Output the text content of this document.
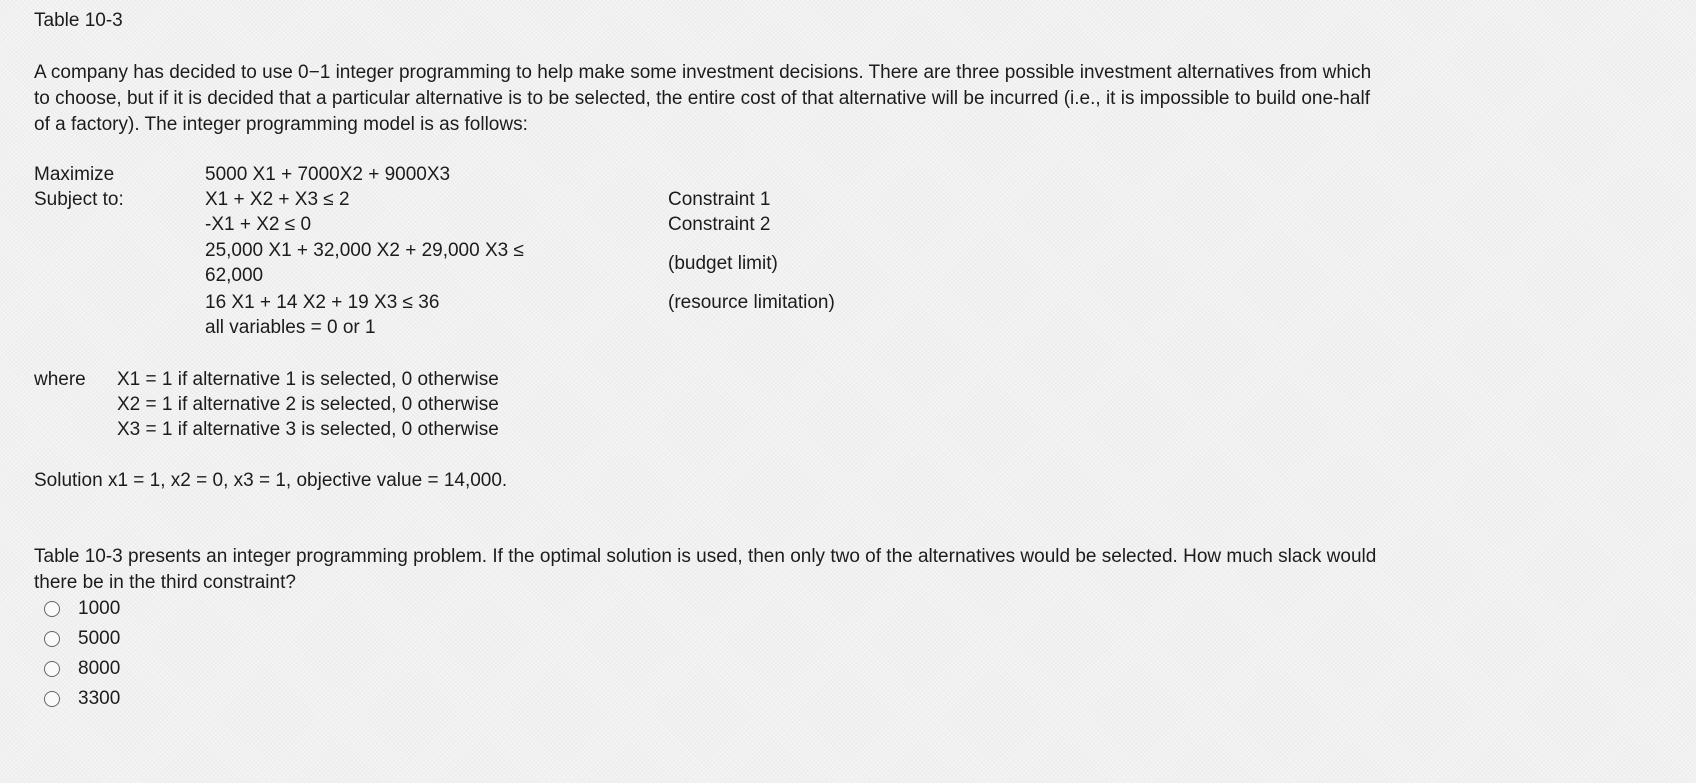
Table 10-3
A company has decided to use 0−1 integer programming to help make some investment decisions. There are three possible investment alternatives from which
to choose, but if it is decided that a particular alternative is to be selected, the entire cost of that alternative will be incurred (i.e., it is impossible to build one-half
of a factory). The integer programming model is as follows:
Maximize	5000 X1 + 7000X2 + 9000X3
Subject to:	X1 + X2 + X3 ≤ 2	Constraint 1
-X1 + X2 ≤ 0	Constraint 2
25,000 X1 + 32,000 X2 + 29,000 X3 ≤
62,000
(budget limit)
16 X1 + 14 X2 + 19 X3 ≤ 36	(resource limitation)
all variables = 0 or 1
where X1 = 1 if alternative 1 is selected, 0 otherwise
X2 = 1 if alternative 2 is selected, 0 otherwise
X3 = 1 if alternative 3 is selected, 0 otherwise
Solution x1 = 1, x2 = 0, x3 = 1, objective value = 14,000.
Table 10-3 presents an integer programming problem. If the optimal solution is used, then only two of the alternatives would be selected. How much slack would
there be in the third constraint?
1000
5000
8000
3300
